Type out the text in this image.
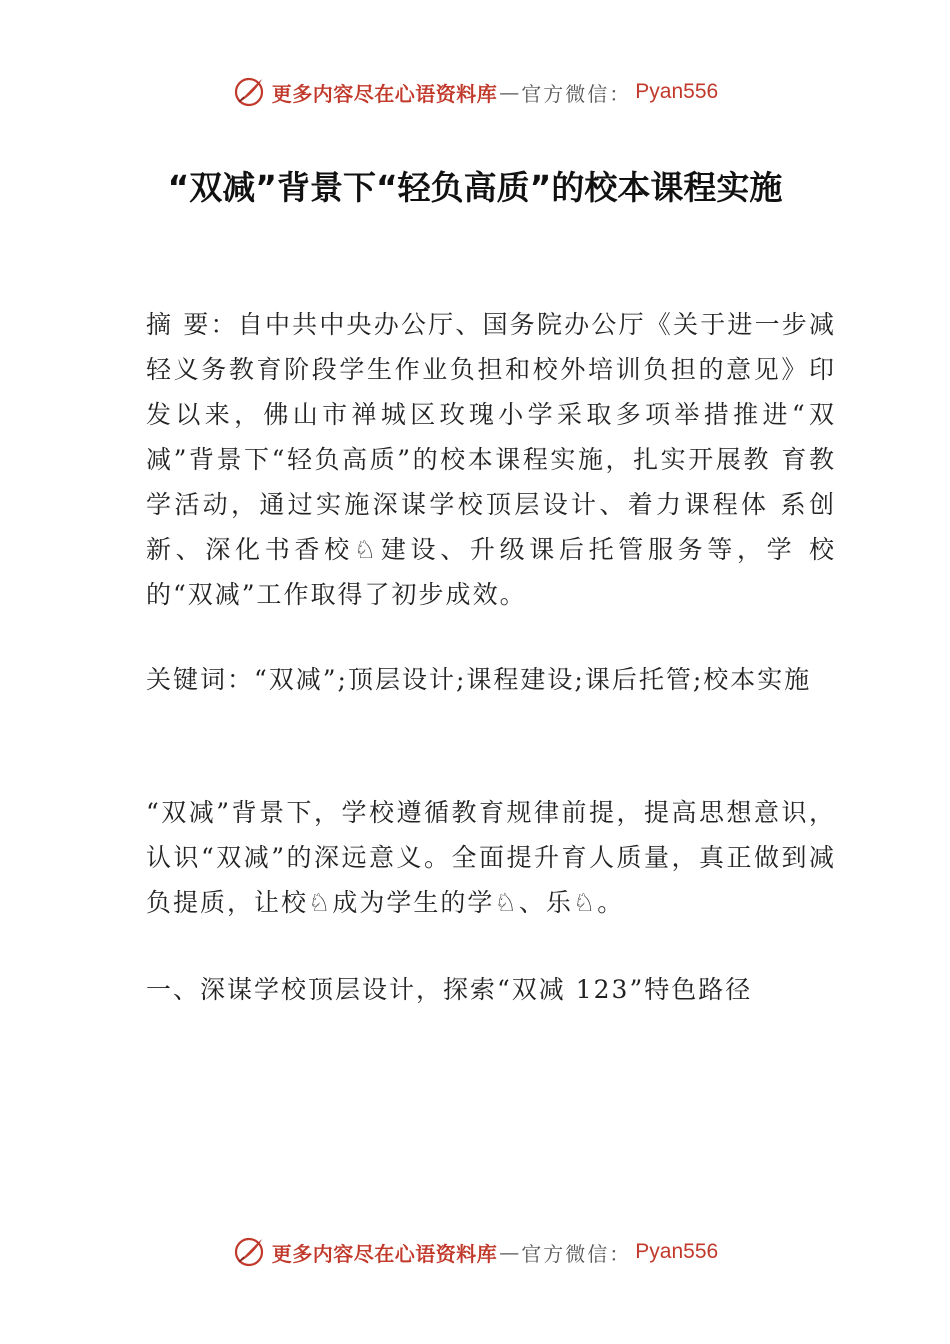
更多内容尽在心语资料库 — 官方微信： Pyan556
“双减”背景下“轻负高质”的校本课程实施

摘 要：自中共中央办公厅、国务院办公厅《关于进一步减轻义务教育阶段学生作业负担和校外培训负担的意见》印发以来，佛山市禅城区玫瑰小学采取多项举措推进“双减”背景下“轻负高质”的校本课程实施，扎实开展教 育教学活动，通过实施深谋学校顶层设计、着力课程体 系创新、深化书香校♘建设、升级课后托管服务等，学 校的“双减”工作取得了初步成效。

关键词：“双减”;顶层设计;课程建设;课后托管;校本实施

“双减”背景下，学校遵循教育规律前提，提高思想意识，认识“双减”的深远意义。全面提升育人质量，真正做到减负提质，让校♘成为学生的学♘、乐♘。

一、深谋学校顶层设计，探索“双减 123”特色路径

更多内容尽在心语资料库 — 官方微信： Pyan556
